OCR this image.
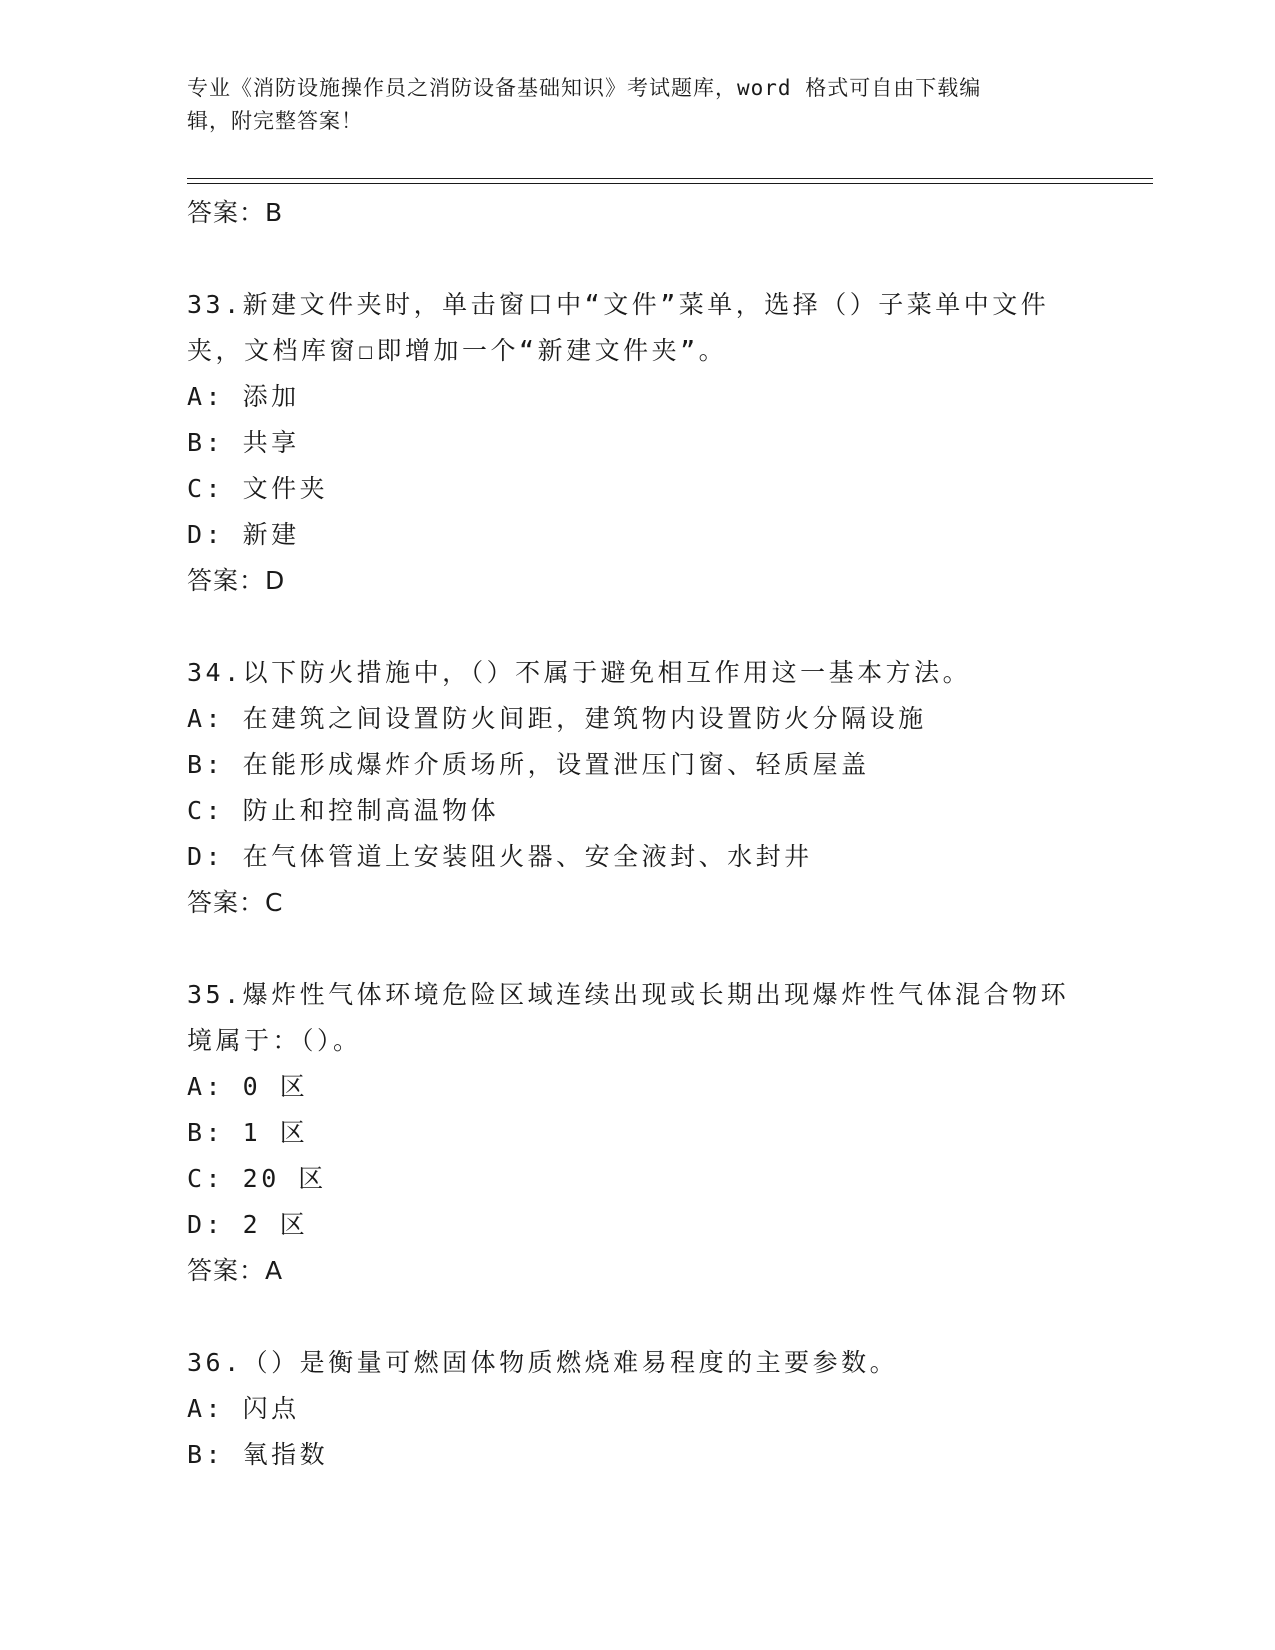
专业《消防设施操作员之消防设备基础知识》考试题库，word 格式可自由下载编
辑，附完整答案！

答案：B

33.新建文件夹时，单击窗口中“文件”菜单，选择（）子菜单中文件
夹，文档库窗☐即增加一个“新建文件夹”。

A: 添加

B: 共享

C: 文件夹

D: 新建

答案：D

34.以下防火措施中，（）不属于避免相互作用这一基本方法。

A: 在建筑之间设置防火间距，建筑物内设置防火分隔设施

B: 在能形成爆炸介质场所，设置泄压门窗、轻质屋盖

C: 防止和控制高温物体

D: 在气体管道上安装阻火器、安全液封、水封井

答案：C

35.爆炸性气体环境危险区域连续出现或长期出现爆炸性气体混合物环
境属于：（）。

A: 0 区

B: 1 区

C: 20 区

D: 2 区

答案：A

36.（）是衡量可燃固体物质燃烧难易程度的主要参数。

A: 闪点

B: 氧指数
